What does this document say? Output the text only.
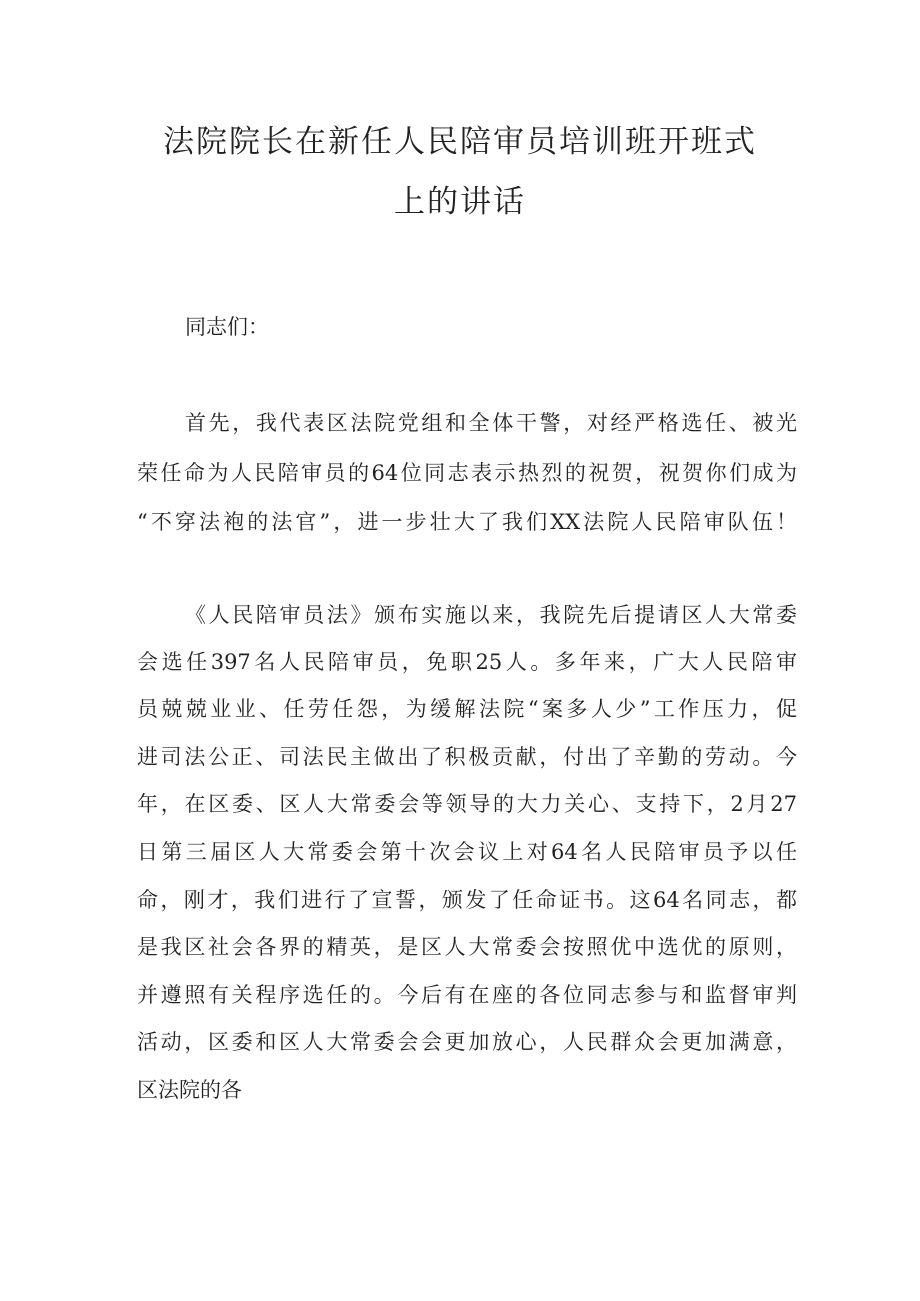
法院院长在新任人民陪审员培训班开班式
上的讲话
同志们：
首先，我代表区法院党组和全体干警，对经严格选任、被光
荣任命为人民陪审员的64位同志表示热烈的祝贺，祝贺你们成为
“不穿法袍的法官”，进一步壮大了我们XX法院人民陪审队伍！
《人民陪审员法》颁布实施以来，我院先后提请区人大常委
会选任397名人民陪审员，免职25人。多年来，广大人民陪审
员兢兢业业、任劳任怨，为缓解法院“案多人少”工作压力，促
进司法公正、司法民主做出了积极贡献，付出了辛勤的劳动。今
年，在区委、区人大常委会等领导的大力关心、支持下，2月27
日第三届区人大常委会第十次会议上对64名人民陪审员予以任
命，刚才，我们进行了宣誓，颁发了任命证书。这64名同志，都
是我区社会各界的精英，是区人大常委会按照优中选优的原则，
并遵照有关程序选任的。今后有在座的各位同志参与和监督审判
活动，区委和区人大常委会会更加放心，人民群众会更加满意，
区法院的各
